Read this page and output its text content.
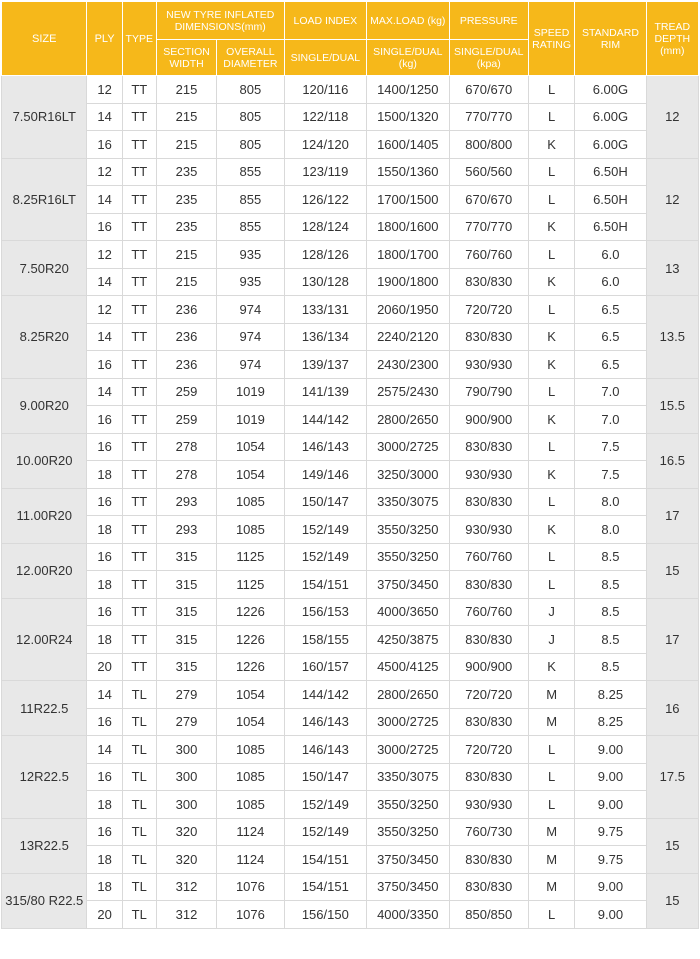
SIZE	PLY	TYPE	NEW TYRE INFLATED DIMENSIONS(mm)		LOAD INDEX	MAX.LOAD (kg)	PRESSURE	SPEED RATING	STANDARD RIM	TREAD DEPTH (mm)
			SECTION WIDTH	OVERALL DIAMETER	SINGLE/DUAL	SINGLE/DUAL (kg)	SINGLE/DUAL (kpa)			
7.50R16LT	12	TT	215	805	120/116	1400/1250	670/670	L	6.00G	12
	14	TT	215	805	122/118	1500/1320	770/770	L	6.00G	
	16	TT	215	805	124/120	1600/1405	800/800	K	6.00G	
8.25R16LT	12	TT	235	855	123/119	1550/1360	560/560	L	6.50H	12
	14	TT	235	855	126/122	1700/1500	670/670	L	6.50H	
	16	TT	235	855	128/124	1800/1600	770/770	K	6.50H	
7.50R20	12	TT	215	935	128/126	1800/1700	760/760	L	6.0	13
	14	TT	215	935	130/128	1900/1800	830/830	K	6.0	
8.25R20	12	TT	236	974	133/131	2060/1950	720/720	L	6.5	13.5
	14	TT	236	974	136/134	2240/2120	830/830	K	6.5	
	16	TT	236	974	139/137	2430/2300	930/930	K	6.5	
9.00R20	14	TT	259	1019	141/139	2575/2430	790/790	L	7.0	15.5
	16	TT	259	1019	144/142	2800/2650	900/900	K	7.0	
10.00R20	16	TT	278	1054	146/143	3000/2725	830/830	L	7.5	16.5
	18	TT	278	1054	149/146	3250/3000	930/930	K	7.5	
11.00R20	16	TT	293	1085	150/147	3350/3075	830/830	L	8.0	17
	18	TT	293	1085	152/149	3550/3250	930/930	K	8.0	
12.00R20	16	TT	315	1125	152/149	3550/3250	760/760	L	8.5	15
	18	TT	315	1125	154/151	3750/3450	830/830	L	8.5	
12.00R24	16	TT	315	1226	156/153	4000/3650	760/760	J	8.5	17
	18	TT	315	1226	158/155	4250/3875	830/830	J	8.5	
	20	TT	315	1226	160/157	4500/4125	900/900	K	8.5	
11R22.5	14	TL	279	1054	144/142	2800/2650	720/720	M	8.25	16
	16	TL	279	1054	146/143	3000/2725	830/830	M	8.25	
12R22.5	14	TL	300	1085	146/143	3000/2725	720/720	L	9.00	17.5
	16	TL	300	1085	150/147	3350/3075	830/830	L	9.00	
	18	TL	300	1085	152/149	3550/3250	930/930	L	9.00	
13R22.5	16	TL	320	1124	152/149	3550/3250	760/730	M	9.75	15
	18	TL	320	1124	154/151	3750/3450	830/830	M	9.75	
315/80 R22.5	18	TL	312	1076	154/151	3750/3450	830/830	M	9.00	15
	20	TL	312	1076	156/150	4000/3350	850/850	L	9.00	
